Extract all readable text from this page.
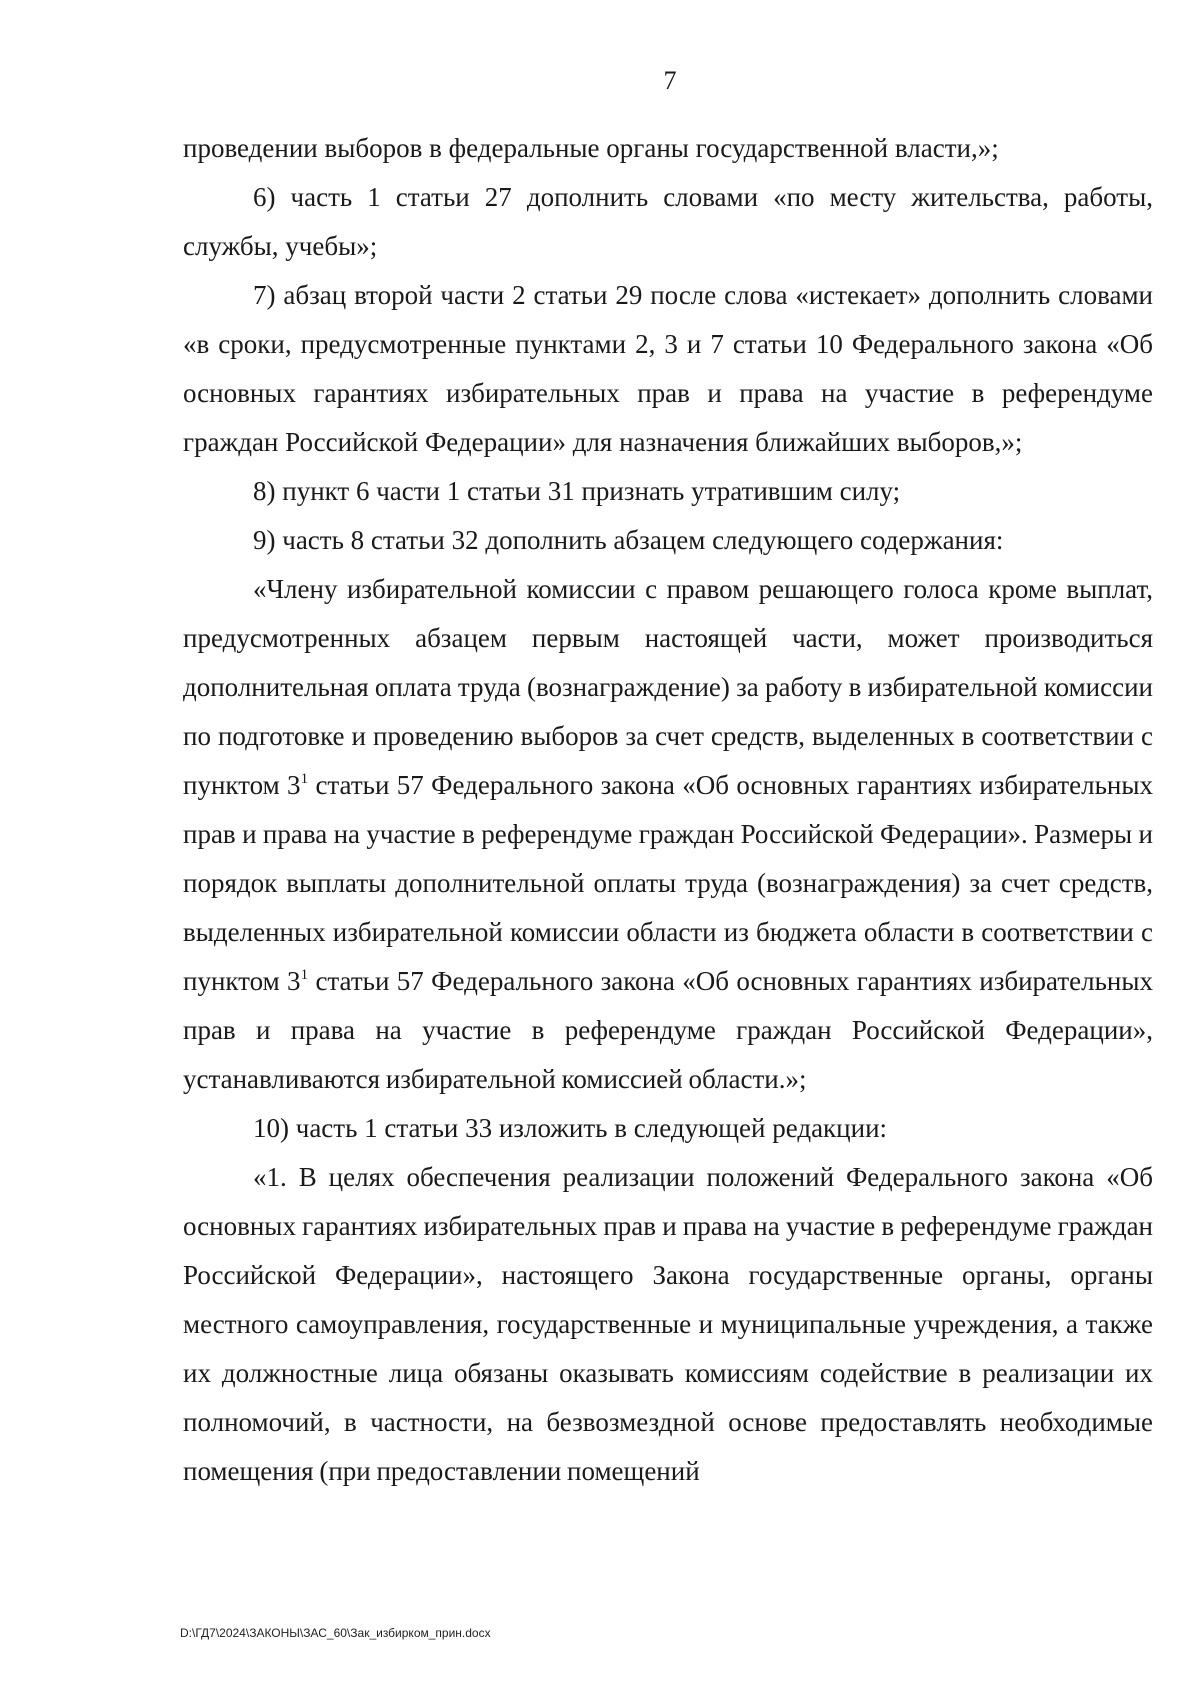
7

проведении выборов в федеральные органы государственной власти,»;

6) часть 1 статьи 27 дополнить словами «по месту жительства, работы, службы, учебы»;

7) абзац второй части 2 статьи 29 после слова «истекает» дополнить словами «в сроки, предусмотренные пунктами 2, 3 и 7 статьи 10 Федерального закона «Об основных гарантиях избирательных прав и права на участие в референдуме граждан Российской Федерации» для назначения ближайших выборов,»;

8) пункт 6 части 1 статьи 31 признать утратившим силу;

9) часть 8 статьи 32 дополнить абзацем следующего содержания:

«Члену избирательной комиссии с правом решающего голоса кроме выплат, предусмотренных абзацем первым настоящей части, может производиться дополнительная оплата труда (вознаграждение) за работу в избирательной комиссии по подготовке и проведению выборов за счет средств, выделенных в соответствии с пунктом $3^1$ статьи 57 Федерального закона «Об основных гарантиях избирательных прав и права на участие в референдуме граждан Российской Федерации». Размеры и порядок выплаты дополнительной оплаты труда (вознаграждения) за счет средств, выделенных избирательной комиссии области из бюджета области в соответствии с пунктом $3^1$ статьи 57 Федерального закона «Об основных гарантиях избирательных прав и права на участие в референдуме граждан Российской Федерации», устанавливаются избирательной комиссией области.»;

10) часть 1 статьи 33 изложить в следующей редакции:

«1. В целях обеспечения реализации положений Федерального закона «Об основных гарантиях избирательных прав и права на участие в референдуме граждан Российской Федерации», настоящего Закона государственные органы, органы местного самоуправления, государственные и муниципальные учреждения, а также их должностные лица обязаны оказывать комиссиям содействие в реализации их полномочий, в частности, на безвозмездной основе предоставлять необходимые помещения (при предоставлении помещений

D:\ГД7\2024\ЗАКОНЫ\ЗАС_60\Зак_избирком_прин.docx
